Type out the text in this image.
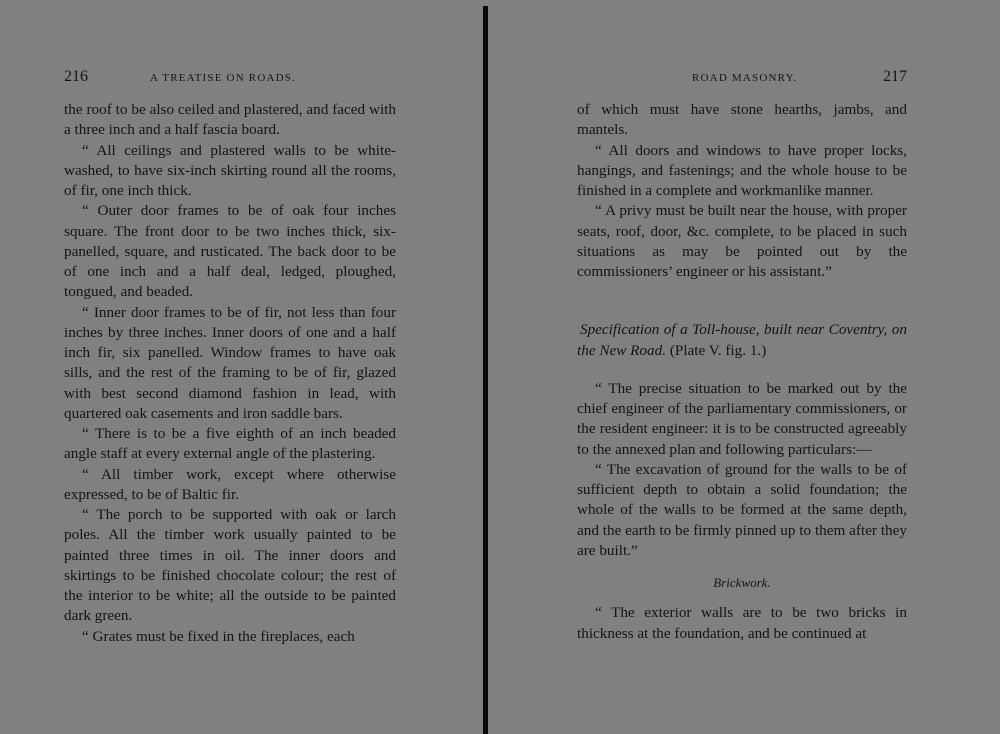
216	A TREATISE ON ROADS.

the roof to be also ceiled and plastered, and faced with a three inch and a half fascia board.

“ All ceilings and plastered walls to be white-washed, to have six-inch skirting round all the rooms, of fir, one inch thick.

“ Outer door frames to be of oak four inches square. The front door to be two inches thick, six-panelled, square, and rusticated. The back door to be of one inch and a half deal, ledged, ploughed, tongued, and beaded.

“ Inner door frames to be of fir, not less than four inches by three inches. Inner doors of one and a half inch fir, six panelled. Window frames to have oak sills, and the rest of the framing to be of fir, glazed with best second diamond fashion in lead, with quartered oak casements and iron saddle bars.

“ There is to be a five eighth of an inch beaded angle staff at every external angle of the plastering.

“ All timber work, except where otherwise expressed, to be of Baltic fir.

“ The porch to be supported with oak or larch poles. All the timber work usually painted to be painted three times in oil. The inner doors and skirtings to be finished chocolate colour; the rest of the interior to be white; all the outside to be painted dark green.

“ Grates must be fixed in the fireplaces, each

ROAD MASONRY.	217

of which must have stone hearths, jambs, and mantels.

“ All doors and windows to have proper locks, hangings, and fastenings; and the whole house to be finished in a complete and workmanlike manner.

“ A privy must be built near the house, with proper seats, roof, door, &c. complete, to be placed in such situations as may be pointed out by the commissioners’ engineer or his assistant.”

Specification of a Toll-house, built near Coventry, on the New Road. (Plate V. fig. 1.)

“ The precise situation to be marked out by the chief engineer of the parliamentary commissioners, or the resident engineer: it is to be constructed agreeably to the annexed plan and following particulars:—

“ The excavation of ground for the walls to be of sufficient depth to obtain a solid foundation; the whole of the walls to be formed at the same depth, and the earth to be firmly pinned up to them after they are built.”

Brickwork.

“ The exterior walls are to be two bricks in thickness at the foundation, and be continued at
